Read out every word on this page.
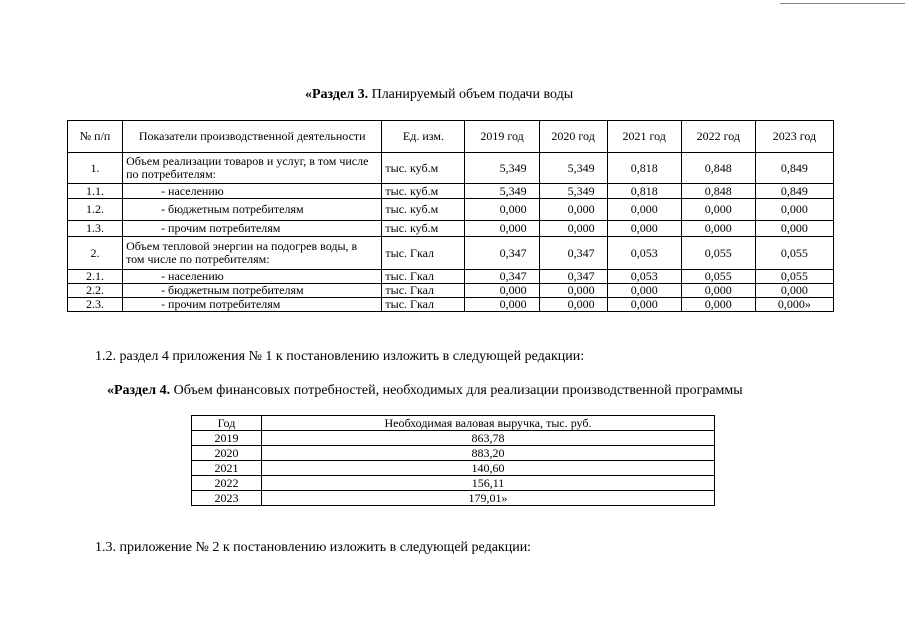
«Раздел 3. Планируемый объем подачи воды
№ п/п	Показатели производственной деятельности	Ед. изм.	2019 год	2020 год	2021 год	2022 год	2023 год
1.	Объем реализации товаров и услуг, в том числе по потребителям:	тыс. куб.м	5,349	5,349	0,818	0,848	0,849
1.1.	- населению	тыс. куб.м	5,349	5,349	0,818	0,848	0,849
1.2.	- бюджетным потребителям	тыс. куб.м	0,000	0,000	0,000	0,000	0,000
1.3.	- прочим потребителям	тыс. куб.м	0,000	0,000	0,000	0,000	0,000
2.	Объем тепловой энергии на подогрев воды, в том числе по потребителям:	тыс. Гкал	0,347	0,347	0,053	0,055	0,055
2.1.	- населению	тыс. Гкал	0,347	0,347	0,053	0,055	0,055
2.2.	- бюджетным потребителям	тыс. Гкал	0,000	0,000	0,000	0,000	0,000
2.3.	- прочим потребителям	тыс. Гкал	0,000	0,000	0,000	0,000	0,000»
1.2. раздел 4 приложения № 1 к постановлению изложить в следующей редакции:
«Раздел 4. Объем финансовых потребностей, необходимых для реализации производственной программы
Год	Необходимая валовая выручка, тыс. руб.
2019	863,78
2020	883,20
2021	140,60
2022	156,11
2023	179,01»
1.3. приложение № 2 к постановлению изложить в следующей редакции:
